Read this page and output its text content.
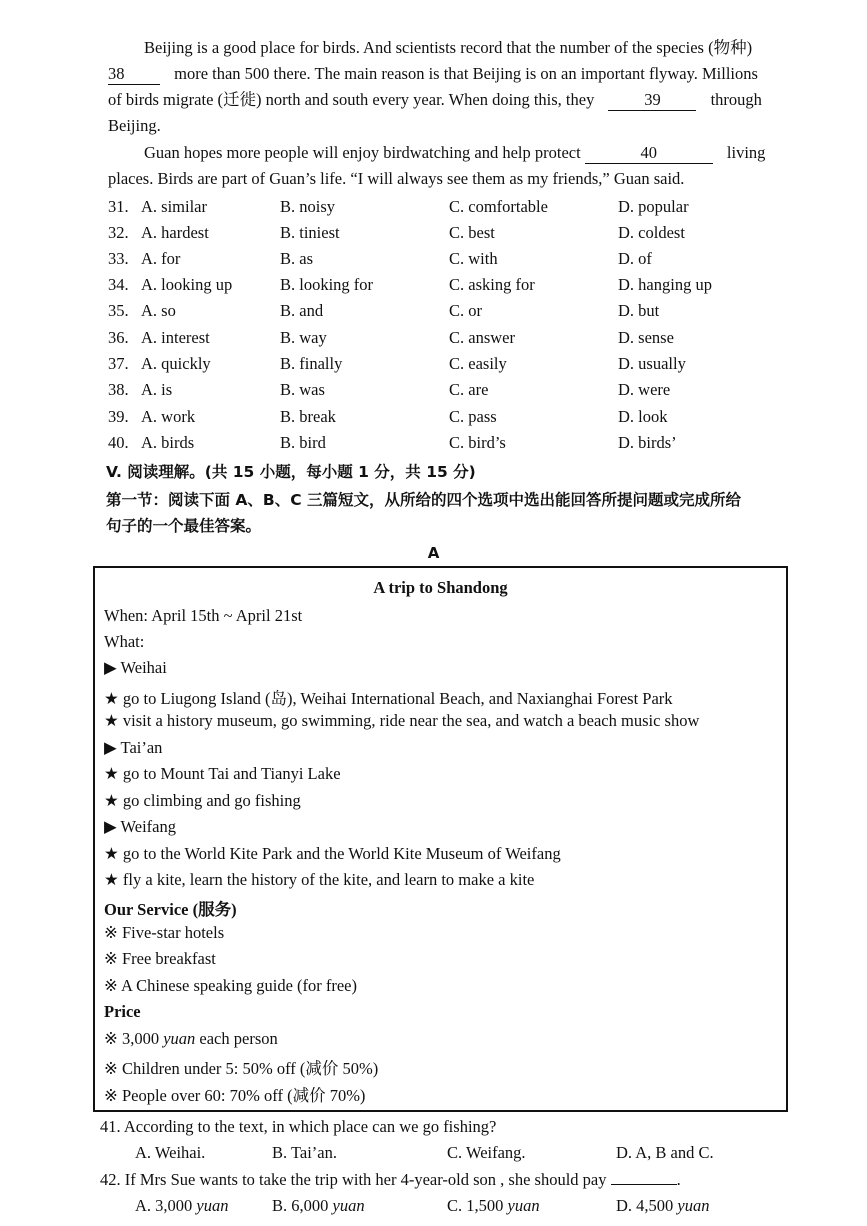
Beijing is a good place for birds. And scientists record that the number of the species (物种)
38	more than 500 there. The main reason is that Beijing is on an important flyway. Millions
of birds migrate (迁徙) north and south every year. When doing this, they	39	through
Beijing.
Guan hopes more people will enjoy birdwatching and help protect	40	living
places. Birds are part of Guan’s life. “I will always see them as my friends,” Guan said.
31. A. similar	B. noisy	C. comfortable	D. popular
32. A. hardest	B. tiniest	C. best	D. coldest
33. A. for	B. as	C. with	D. of
34. A. looking up	B. looking for	C. asking for	D. hanging up
35. A. so	B. and	C. or	D. but
36. A. interest	B. way	C. answer	D. sense
37. A. quickly	B. finally	C. easily	D. usually
38. A. is	B. was	C. are	D. were
39. A. work	B. break	C. pass	D. look
40. A. birds	B. bird	C. bird’s	D. birds’
V. 阅读理解。(共 15 小题，每小题 1 分，共 15 分)
第一节：阅读下面 A、B、C 三篇短文，从所给的四个选项中选出能回答所提问题或完成所给
句子的一个最佳答案。
A
A trip to Shandong
When: April 15th ~ April 21st
What:
▶ Weihai
★ go to Liugong Island (岛), Weihai International Beach, and Naxianghai Forest Park
★ visit a history museum, go swimming, ride near the sea, and watch a beach music show
▶ Tai’an
★ go to Mount Tai and Tianyi Lake
★ go climbing and go fishing
▶ Weifang
★ go to the World Kite Park and the World Kite Museum of Weifang
★ fly a kite, learn the history of the kite, and learn to make a kite
Our Service (服务)
※ Five-star hotels
※ Free breakfast
※ A Chinese speaking guide (for free)
Price
※ 3,000 yuan each person
※ Children under 5: 50% off (减价 50%)
※ People over 60: 70% off (减价 70%)
41. According to the text, in which place can we go fishing?
A. Weihai.	B. Tai’an.	C. Weifang.	D. A, B and C.
42. If Mrs Sue wants to take the trip with her 4-year-old son , she should pay	.
A. 3,000 yuan	B. 6,000 yuan	C. 1,500 yuan	D. 4,500 yuan
